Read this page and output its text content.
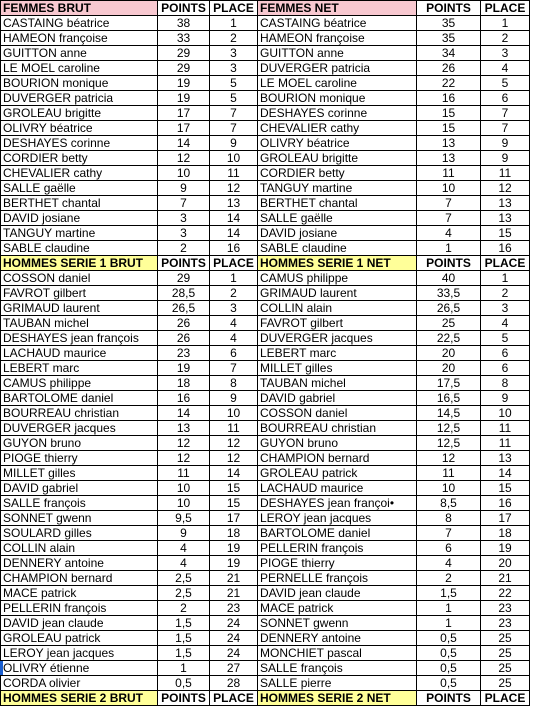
FEMMES BRUT	POINTS	PLACE	FEMMES NET	POINTS	PLACE
CASTAING béatrice	38	1	CASTAING béatrice	35	1
HAMEON françoise	33	2	HAMEON françoise	35	2
GUITTON anne	29	3	GUITTON anne	34	3
LE MOEL caroline	29	3	DUVERGER patricia	26	4
BOURION monique	19	5	LE MOEL caroline	22	5
DUVERGER patricia	19	5	BOURION monique	16	6
GROLEAU brigitte	17	7	DESHAYES corinne	15	7
OLIVRY béatrice	17	7	CHEVALIER cathy	15	7
DESHAYES corinne	14	9	OLIVRY béatrice	13	9
CORDIER betty	12	10	GROLEAU brigitte	13	9
CHEVALIER cathy	10	11	CORDIER betty	11	11
SALLE gaëlle	9	12	TANGUY martine	10	12
BERTHET chantal	7	13	BERTHET chantal	7	13
DAVID josiane	3	14	SALLE gaëlle	7	13
TANGUY martine	3	14	DAVID josiane	4	15
SABLE claudine	2	16	SABLE claudine	1	16
HOMMES SERIE 1 BRUT	POINTS	PLACE	HOMMES SERIE 1 NET	POINTS	PLACE
COSSON daniel	29	1	CAMUS philippe	40	1
FAVROT gilbert	28,5	2	GRIMAUD laurent	33,5	2
GRIMAUD laurent	26,5	3	COLLIN alain	26,5	3
TAUBAN michel	26	4	FAVROT gilbert	25	4
DESHAYES jean françois	26	4	DUVERGER jacques	22,5	5
LACHAUD maurice	23	6	LEBERT marc	20	6
LEBERT marc	19	7	MILLET gilles	20	6
CAMUS philippe	18	8	TAUBAN michel	17,5	8
BARTOLOME daniel	16	9	DAVID gabriel	16,5	9
BOURREAU christian	14	10	COSSON daniel	14,5	10
DUVERGER jacques	13	11	BOURREAU christian	12,5	11
GUYON bruno	12	12	GUYON bruno	12,5	11
PIOGE thierry	12	12	CHAMPION bernard	12	13
MILLET gilles	11	14	GROLEAU patrick	11	14
DAVID gabriel	10	15	LACHAUD maurice	10	15
SALLE françois	10	15	DESHAYES jean françoi•	8,5	16
SONNET gwenn	9,5	17	LEROY jean jacques	8	17
SOULARD gilles	9	18	BARTOLOME daniel	7	18
COLLIN alain	4	19	PELLERIN françois	6	19
DENNERY antoine	4	19	PIOGE thierry	4	20
CHAMPION bernard	2,5	21	PERNELLE françois	2	21
MACE patrick	2,5	21	DAVID jean claude	1,5	22
PELLERIN françois	2	23	MACE patrick	1	23
DAVID jean claude	1,5	24	SONNET gwenn	1	23
GROLEAU patrick	1,5	24	DENNERY antoine	0,5	25
LEROY jean jacques	1,5	24	MONCHIET pascal	0,5	25
OLIVRY étienne	1	27	SALLE françois	0,5	25
CORDA olivier	0,5	28	SALLE pierre	0,5	25
HOMMES SERIE 2 BRUT	POINTS	PLACE	HOMMES SERIE 2 NET	POINTS	PLACE
